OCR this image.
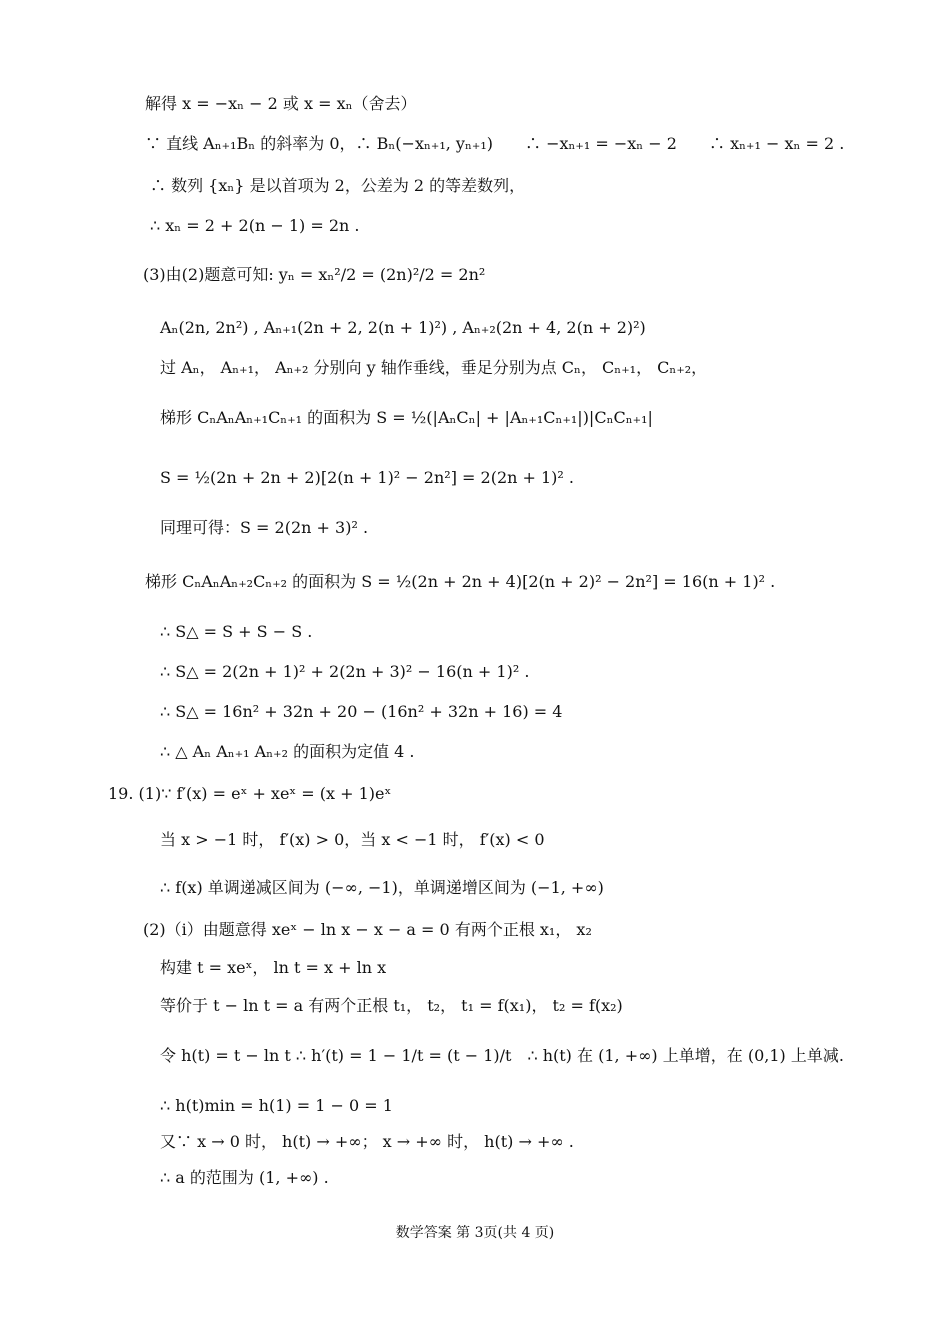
解得 x = −xₙ − 2 或 x = xₙ（舍去）
∵ 直线 Aₙ₊₁Bₙ 的斜率为 0，∴ Bₙ(−xₙ₊₁, yₙ₊₁)　　∴ −xₙ₊₁ = −xₙ − 2　　∴ xₙ₊₁ − xₙ = 2 .
∴ 数列 {xₙ} 是以首项为 2，公差为 2 的等差数列，
∴ xₙ = 2 + 2(n − 1) = 2n .
(3)由(2)题意可知: yₙ = xₙ²/2 = (2n)²/2 = 2n²
Aₙ(2n, 2n²) , Aₙ₊₁(2n + 2, 2(n + 1)²) , Aₙ₊₂(2n + 4, 2(n + 2)²)
过 Aₙ， Aₙ₊₁， Aₙ₊₂ 分别向 y 轴作垂线，垂足分别为点 Cₙ， Cₙ₊₁， Cₙ₊₂，
梯形 CₙAₙAₙ₊₁Cₙ₊₁ 的面积为 S = ½(|AₙCₙ| + |Aₙ₊₁Cₙ₊₁|)|CₙCₙ₊₁|
S = ½(2n + 2n + 2)[2(n + 1)² − 2n²] = 2(2n + 1)² .
同理可得：S = 2(2n + 3)² .
梯形 CₙAₙAₙ₊₂Cₙ₊₂ 的面积为 S = ½(2n + 2n + 4)[2(n + 2)² − 2n²] = 16(n + 1)² .
∴ S△ = S + S − S .
∴ S△ = 2(2n + 1)² + 2(2n + 3)² − 16(n + 1)² .
∴ S△ = 16n² + 32n + 20 − (16n² + 32n + 16) = 4
∴ △ Aₙ Aₙ₊₁ Aₙ₊₂ 的面积为定值 4 .
19. (1)∵ f′(x) = eˣ + xeˣ = (x + 1)eˣ
当 x > −1 时， f′(x) > 0，当 x < −1 时， f′(x) < 0
∴ f(x) 单调递减区间为 (−∞, −1)，单调递增区间为 (−1, +∞)
(2)（i）由题意得 xeˣ − ln x − x − a = 0 有两个正根 x₁， x₂
构建 t = xeˣ， ln t = x + ln x
等价于 t − ln t = a 有两个正根 t₁， t₂， t₁ = f(x₁)， t₂ = f(x₂)
令 h(t) = t − ln t ∴ h′(t) = 1 − 1/t = (t − 1)/t　∴ h(t) 在 (1, +∞) 上单增，在 (0,1) 上单减.
∴ h(t)min = h(1) = 1 − 0 = 1
又∵ x → 0 时， h(t) → +∞； x → +∞ 时， h(t) → +∞ .
∴ a 的范围为 (1, +∞) .
数学答案 第 3页(共 4 页)
